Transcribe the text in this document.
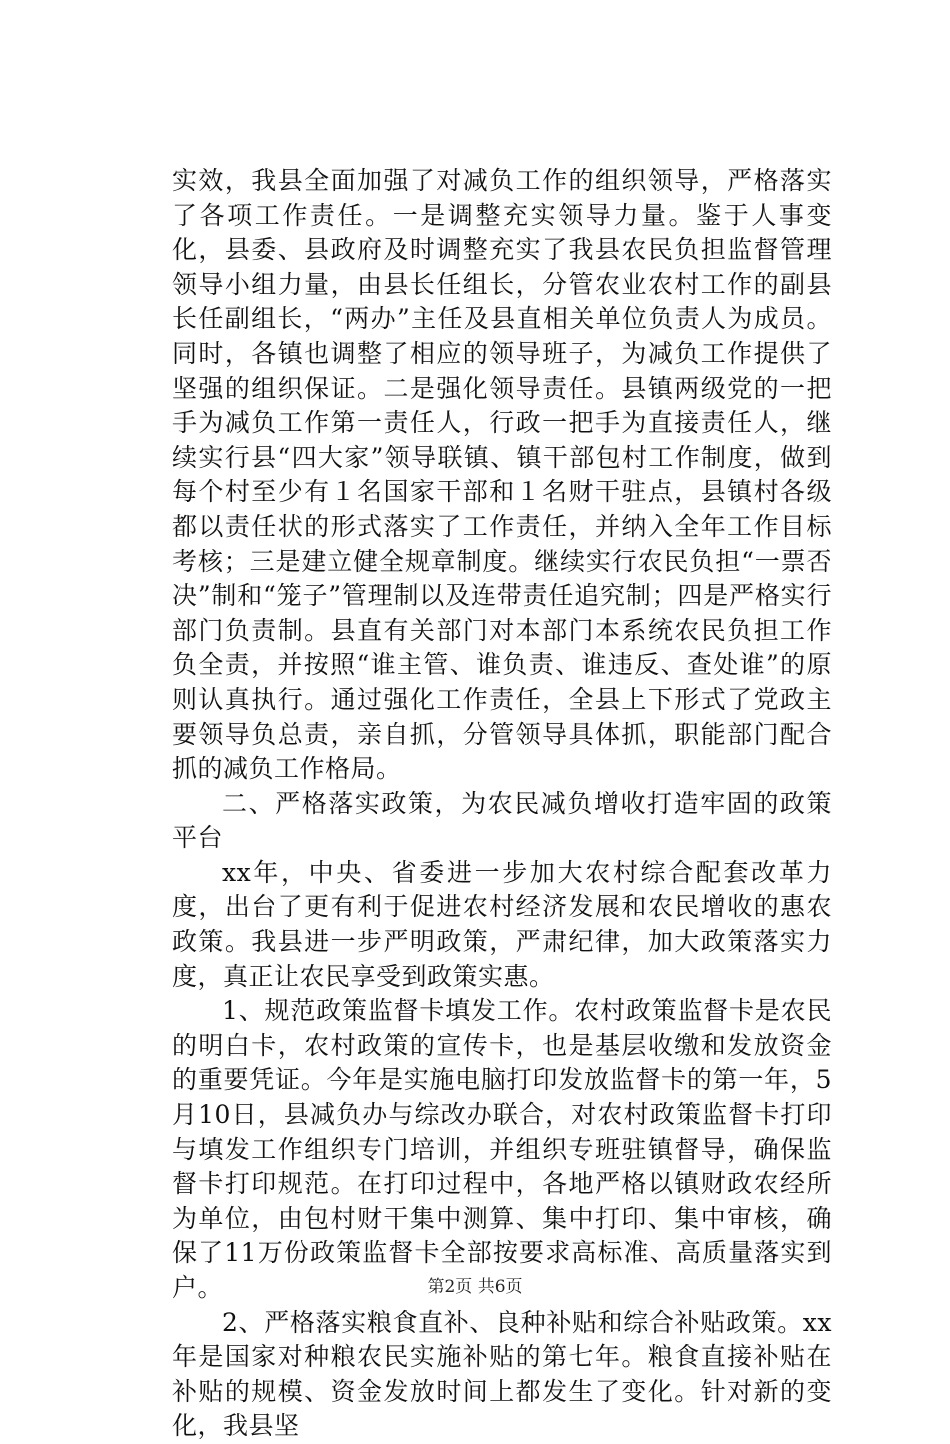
实效，我县全面加强了对减负工作的组织领导，严格落实了各项工作责任。一是调整充实领导力量。鉴于人事变化，县委、县政府及时调整充实了我县农民负担监督管理领导小组力量，由县长任组长，分管农业农村工作的副县长任副组长，“两办”主任及县直相关单位负责人为成员。同时，各镇也调整了相应的领导班子，为减负工作提供了坚强的组织保证。二是强化领导责任。县镇两级党的一把手为减负工作第一责任人，行政一把手为直接责任人，继续实行县“四大家”领导联镇、镇干部包村工作制度，做到每个村至少有１名国家干部和１名财干驻点，县镇村各级都以责任状的形式落实了工作责任，并纳入全年工作目标考核；三是建立健全规章制度。继续实行农民负担“一票否决”制和“笼子”管理制以及连带责任追究制；四是严格实行部门负责制。县直有关部门对本部门本系统农民负担工作负全责，并按照“谁主管、谁负责、谁违反、查处谁”的原则认真执行。通过强化工作责任，全县上下形式了党政主要领导负总责，亲自抓，分管领导具体抓，职能部门配合抓的减负工作格局。

二、严格落实政策，为农民减负增收打造牢固的政策平台

xx年，中央、省委进一步加大农村综合配套改革力度，出台了更有利于促进农村经济发展和农民增收的惠农政策。我县进一步严明政策，严肃纪律，加大政策落实力度，真正让农民享受到政策实惠。

1、规范政策监督卡填发工作。农村政策监督卡是农民的明白卡，农村政策的宣传卡，也是基层收缴和发放资金的重要凭证。今年是实施电脑打印发放监督卡的第一年，5月10日，县减负办与综改办联合，对农村政策监督卡打印与填发工作组织专门培训，并组织专班驻镇督导，确保监督卡打印规范。在打印过程中，各地严格以镇财政农经所为单位，由包村财干集中测算、集中打印、集中审核，确保了11万份政策监督卡全部按要求高标准、高质量落实到户。

2、严格落实粮食直补、良种补贴和综合补贴政策。xx年是国家对种粮农民实施补贴的第七年。粮食直接补贴在补贴的规模、资金发放时间上都发生了变化。针对新的变化，我县坚

第2页 共6页
